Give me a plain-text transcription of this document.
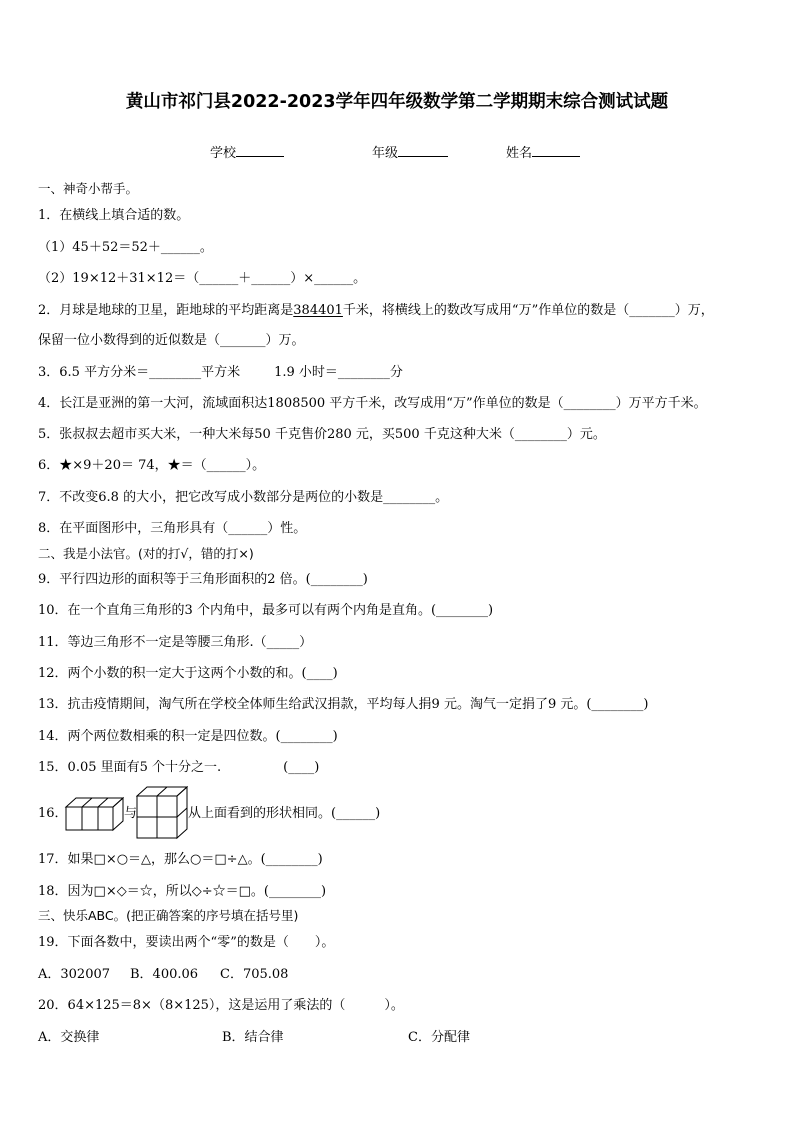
黄山市祁门县2022-2023学年四年级数学第二学期期末综合测试试题
学校	年级	姓名
一、神奇小帮手。
1．在横线上填合适的数。
（1）45＋52＝52＋______。
（2）19×12＋31×12＝（______＋______）×______。
2．月球是地球的卫星，距地球的平均距离是384401千米，将横线上的数改写成用“万”作单位的数是（_______）万，
保留一位小数得到的近似数是（_______）万。
3．6.5 平方分米＝________平方米	1.9 小时＝________分
4．长江是亚洲的第一大河，流域面积达1808500 平方千米，改写成用“万”作单位的数是（________）万平方千米。
5．张叔叔去超市买大米，一种大米每50 千克售价280 元，买500 千克这种大米（________）元。
6．★×9＋20＝ 74，★＝（______）。
7．不改变6.8 的大小，把它改写成小数部分是两位的小数是________。
8．在平面图形中，三角形具有（______）性。
二、我是小法官。(对的打√，错的打×)
9．平行四边形的面积等于三角形面积的2 倍。(________)
10．在一个直角三角形的3 个内角中，最多可以有两个内角是直角。(________)
11．等边三角形不一定是等腰三角形.（_____）
12．两个小数的积一定大于这两个小数的和。(____)
13．抗击疫情期间，淘气所在学校全体师生给武汉捐款，平均每人捐9 元。淘气一定捐了9 元。(________)
14．两个两位数相乘的积一定是四位数。(________)
15．0.05 里面有5 个十分之一.	(____)
16．	与	从上面看到的形状相同。(______)
17．如果□×○＝△，那么○＝□÷△。(________)
18．因为□×◇＝☆，所以◇÷☆＝□。(________)
三、快乐ABC。(把正确答案的序号填在括号里)
19．下面各数中，要读出两个“零”的数是（　　）。
A．302007 B．400.06 C．705.08
20．64×125＝8×（8×125），这是运用了乘法的（　　　）。
A．交换律	B．结合律	C．分配律
